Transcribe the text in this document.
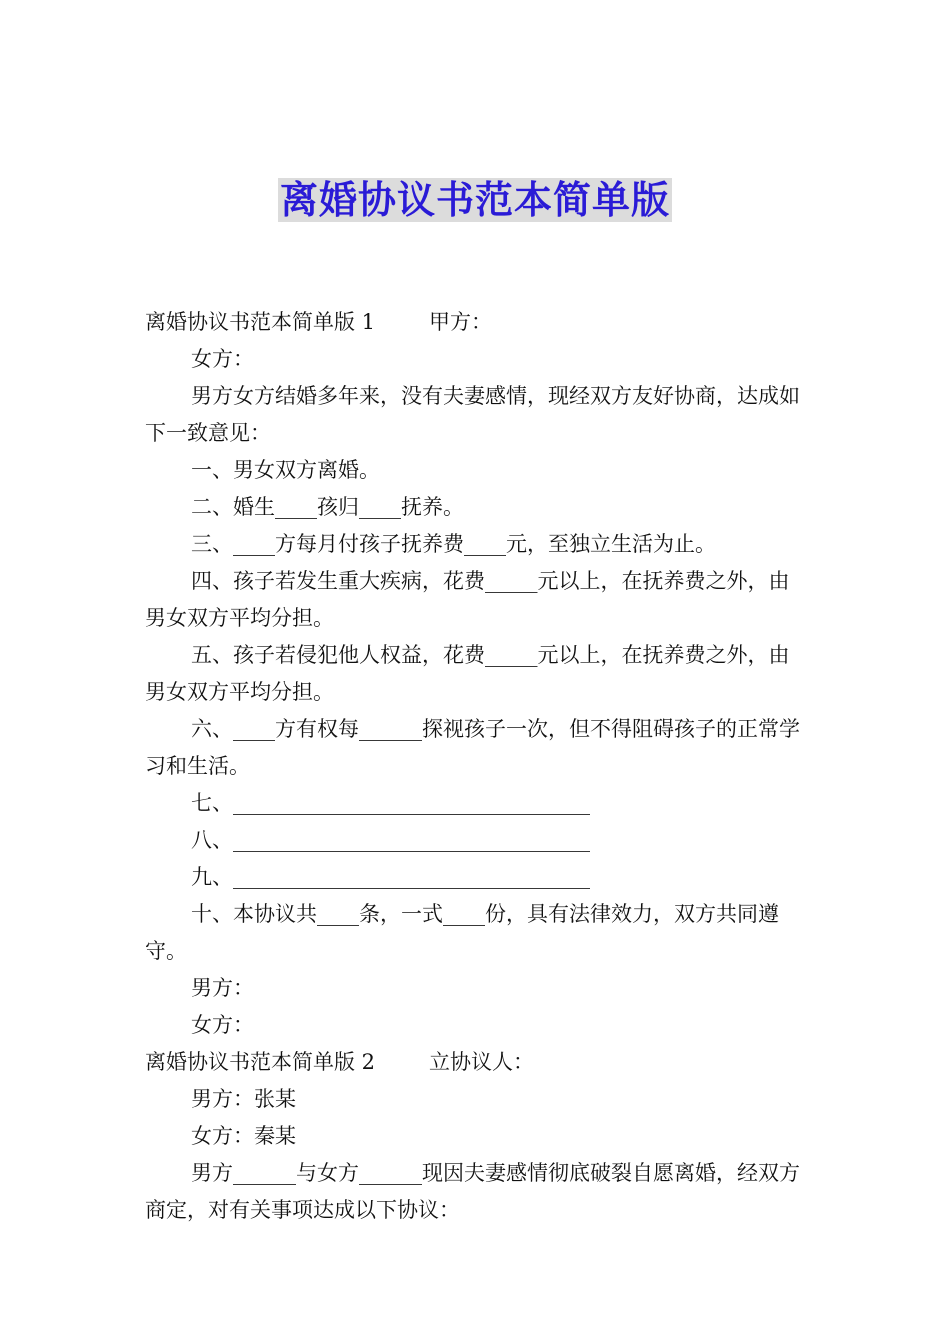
离婚协议书范本简单版

离婚协议书范本简单版 1	甲方：

女方：

男方女方结婚多年来，没有夫妻感情，现经双方友好协商，达成如下一致意见：

一、男女双方离婚。

二、婚生____孩归____抚养。

三、____方每月付孩子抚养费____元，至独立生活为止。

四、孩子若发生重大疾病，花费_____元以上，在抚养费之外，由男女双方平均分担。

五、孩子若侵犯他人权益，花费_____元以上，在抚养费之外，由男女双方平均分担。

六、____方有权每______探视孩子一次，但不得阻碍孩子的正常学习和生活。

七、__________________________________

八、__________________________________

九、__________________________________

十、本协议共____条，一式____份，具有法律效力，双方共同遵守。

男方：

女方：

离婚协议书范本简单版 2	立协议人：

男方：张某

女方：秦某

男方______与女方______现因夫妻感情彻底破裂自愿离婚，经双方商定，对有关事项达成以下协议：
